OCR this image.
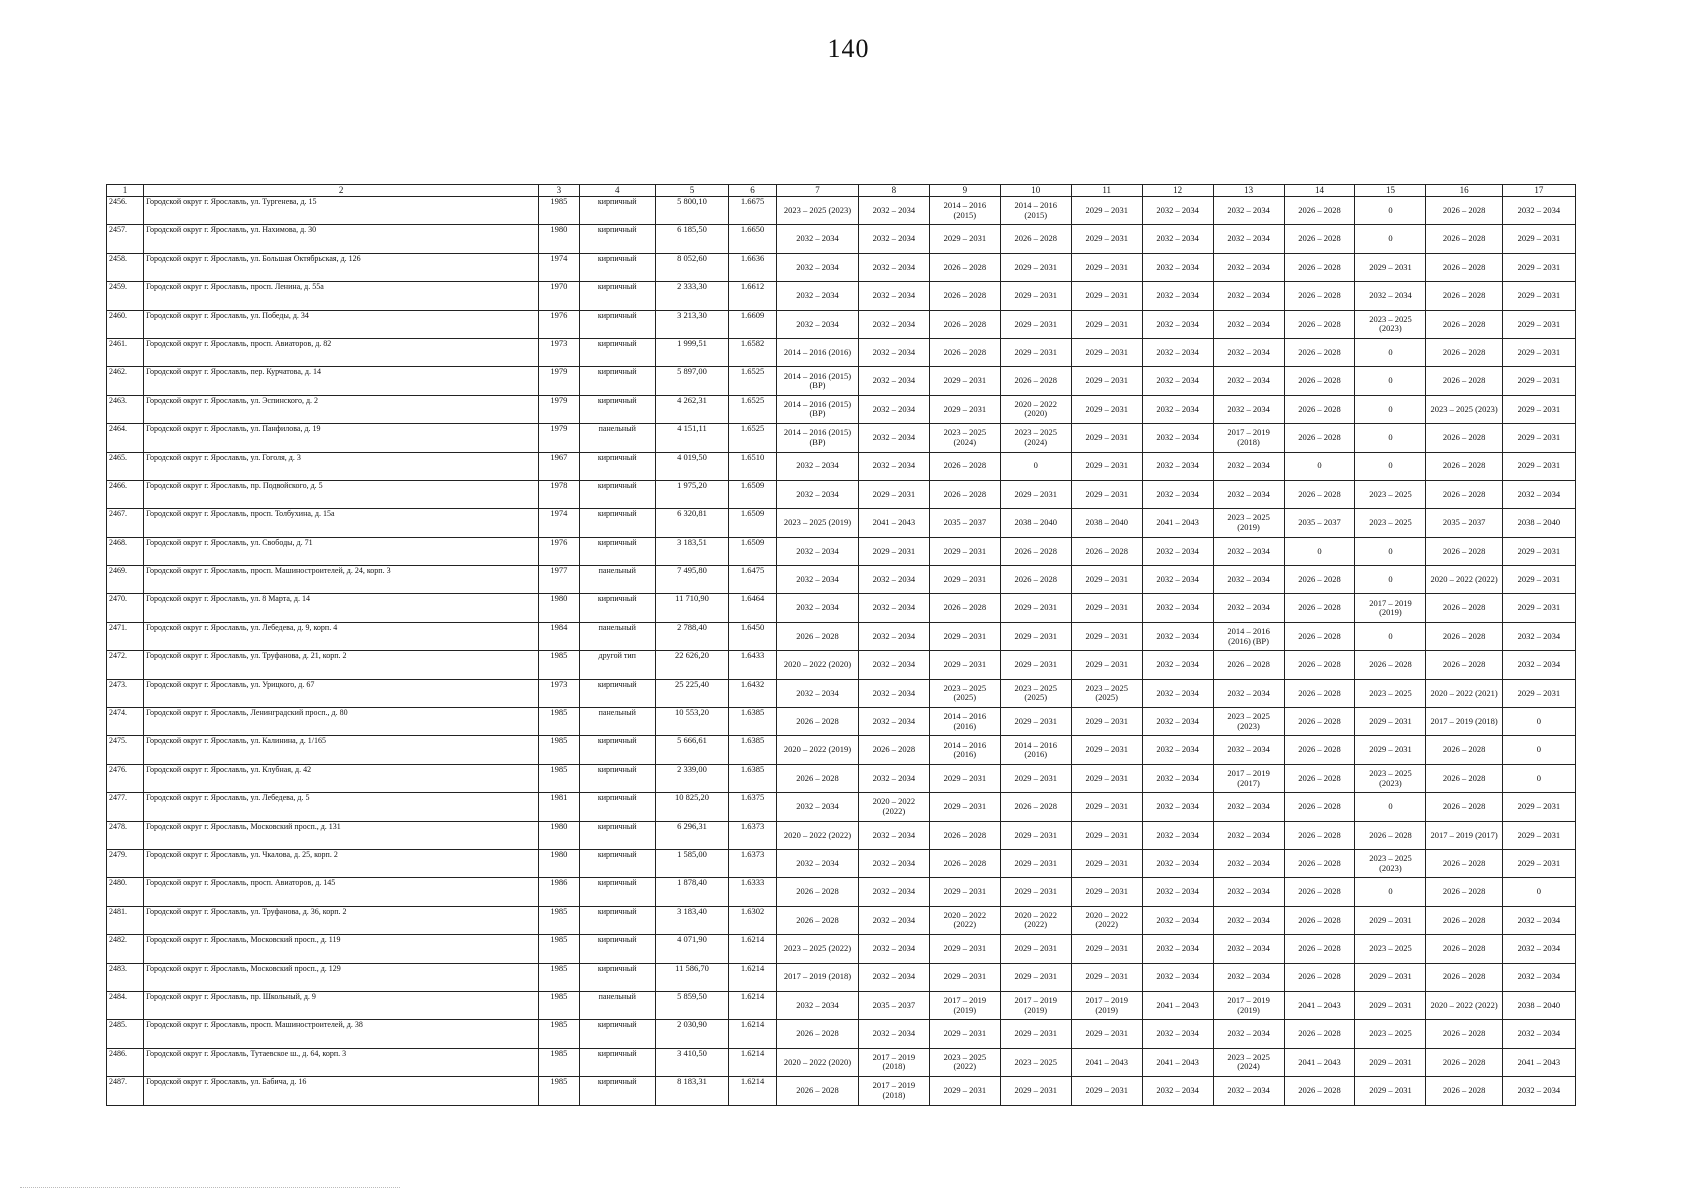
140
1	2	3	4	5	6	7	8	9	10	11	12	13	14	15	16	17
2456.	Городской округ г. Ярославль, ул. Тургенева, д. 15	1985	кирпичный	5 800,10	1.6675	2023 – 2025 (2023)	2032 – 2034	2014 – 2016 (2015)	2014 – 2016 (2015)	2029 – 2031	2032 – 2034	2032 – 2034	2026 – 2028	0	2026 – 2028	2032 – 2034
2457.	Городской округ г. Ярославль, ул. Нахимова, д. 30	1980	кирпичный	6 185,50	1.6650	2032 – 2034	2032 – 2034	2029 – 2031	2026 – 2028	2029 – 2031	2032 – 2034	2032 – 2034	2026 – 2028	0	2026 – 2028	2029 – 2031
2458.	Городской округ г. Ярославль, ул. Большая Октябрьская, д. 126	1974	кирпичный	8 052,60	1.6636	2032 – 2034	2032 – 2034	2026 – 2028	2029 – 2031	2029 – 2031	2032 – 2034	2032 – 2034	2026 – 2028	2029 – 2031	2026 – 2028	2029 – 2031
2459.	Городской округ г. Ярославль, просп. Ленина, д. 55а	1970	кирпичный	2 333,30	1.6612	2032 – 2034	2032 – 2034	2026 – 2028	2029 – 2031	2029 – 2031	2032 – 2034	2032 – 2034	2026 – 2028	2032 – 2034	2026 – 2028	2029 – 2031
2460.	Городской округ г. Ярославль, ул. Победы, д. 34	1976	кирпичный	3 213,30	1.6609	2032 – 2034	2032 – 2034	2026 – 2028	2029 – 2031	2029 – 2031	2032 – 2034	2032 – 2034	2026 – 2028	2023 – 2025 (2023)	2026 – 2028	2029 – 2031
2461.	Городской округ г. Ярославль, просп. Авиаторов, д. 82	1973	кирпичный	1 999,51	1.6582	2014 – 2016 (2016)	2032 – 2034	2026 – 2028	2029 – 2031	2029 – 2031	2032 – 2034	2032 – 2034	2026 – 2028	0	2026 – 2028	2029 – 2031
2462.	Городской округ г. Ярославль, пер. Курчатова, д. 14	1979	кирпичный	5 897,00	1.6525	2014 – 2016 (2015) (ВР)	2032 – 2034	2029 – 2031	2026 – 2028	2029 – 2031	2032 – 2034	2032 – 2034	2026 – 2028	0	2026 – 2028	2029 – 2031
2463.	Городской округ г. Ярославль, ул. Эспинского, д. 2	1979	кирпичный	4 262,31	1.6525	2014 – 2016 (2015) (ВР)	2032 – 2034	2029 – 2031	2020 – 2022 (2020)	2029 – 2031	2032 – 2034	2032 – 2034	2026 – 2028	0	2023 – 2025 (2023)	2029 – 2031
2464.	Городской округ г. Ярославль, ул. Панфилова, д. 19	1979	панельный	4 151,11	1.6525	2014 – 2016 (2015) (ВР)	2032 – 2034	2023 – 2025 (2024)	2023 – 2025 (2024)	2029 – 2031	2032 – 2034	2017 – 2019 (2018)	2026 – 2028	0	2026 – 2028	2029 – 2031
2465.	Городской округ г. Ярославль, ул. Гоголя, д. 3	1967	кирпичный	4 019,50	1.6510	2032 – 2034	2032 – 2034	2026 – 2028	0	2029 – 2031	2032 – 2034	2032 – 2034	0	0	2026 – 2028	2029 – 2031
2466.	Городской округ г. Ярославль, пр. Подвойского, д. 5	1978	кирпичный	1 975,20	1.6509	2032 – 2034	2029 – 2031	2026 – 2028	2029 – 2031	2029 – 2031	2032 – 2034	2032 – 2034	2026 – 2028	2023 – 2025	2026 – 2028	2032 – 2034
2467.	Городской округ г. Ярославль, просп. Толбухина, д. 15а	1974	кирпичный	6 320,81	1.6509	2023 – 2025 (2019)	2041 – 2043	2035 – 2037	2038 – 2040	2038 – 2040	2041 – 2043	2023 – 2025 (2019)	2035 – 2037	2023 – 2025	2035 – 2037	2038 – 2040
2468.	Городской округ г. Ярославль, ул. Свободы, д. 71	1976	кирпичный	3 183,51	1.6509	2032 – 2034	2029 – 2031	2029 – 2031	2026 – 2028	2026 – 2028	2032 – 2034	2032 – 2034	0	0	2026 – 2028	2029 – 2031
2469.	Городской округ г. Ярославль, просп. Машиностроителей, д. 24, корп. 3	1977	панельный	7 495,80	1.6475	2032 – 2034	2032 – 2034	2029 – 2031	2026 – 2028	2029 – 2031	2032 – 2034	2032 – 2034	2026 – 2028	0	2020 – 2022 (2022)	2029 – 2031
2470.	Городской округ г. Ярославль, ул. 8 Марта, д. 14	1980	кирпичный	11 710,90	1.6464	2032 – 2034	2032 – 2034	2026 – 2028	2029 – 2031	2029 – 2031	2032 – 2034	2032 – 2034	2026 – 2028	2017 – 2019 (2019)	2026 – 2028	2029 – 2031
2471.	Городской округ г. Ярославль, ул. Лебедева, д. 9, корп. 4	1984	панельный	2 788,40	1.6450	2026 – 2028	2032 – 2034	2029 – 2031	2029 – 2031	2029 – 2031	2032 – 2034	2014 – 2016 (2016) (ВР)	2026 – 2028	0	2026 – 2028	2032 – 2034
2472.	Городской округ г. Ярославль, ул. Труфанова, д. 21, корп. 2	1985	другой тип	22 626,20	1.6433	2020 – 2022 (2020)	2032 – 2034	2029 – 2031	2029 – 2031	2029 – 2031	2032 – 2034	2026 – 2028	2026 – 2028	2026 – 2028	2026 – 2028	2032 – 2034
2473.	Городской округ г. Ярославль, ул. Урицкого, д. 67	1973	кирпичный	25 225,40	1.6432	2032 – 2034	2032 – 2034	2023 – 2025 (2025)	2023 – 2025 (2025)	2023 – 2025 (2025)	2032 – 2034	2032 – 2034	2026 – 2028	2023 – 2025	2020 – 2022 (2021)	2029 – 2031
2474.	Городской округ г. Ярославль, Ленинградский просп., д. 80	1985	панельный	10 553,20	1.6385	2026 – 2028	2032 – 2034	2014 – 2016 (2016)	2029 – 2031	2029 – 2031	2032 – 2034	2023 – 2025 (2023)	2026 – 2028	2029 – 2031	2017 – 2019 (2018)	0
2475.	Городской округ г. Ярославль, ул. Калинина, д. 1/165	1985	кирпичный	5 666,61	1.6385	2020 – 2022 (2019)	2026 – 2028	2014 – 2016 (2016)	2014 – 2016 (2016)	2029 – 2031	2032 – 2034	2032 – 2034	2026 – 2028	2029 – 2031	2026 – 2028	0
2476.	Городской округ г. Ярославль, ул. Клубная, д. 42	1985	кирпичный	2 339,00	1.6385	2026 – 2028	2032 – 2034	2029 – 2031	2029 – 2031	2029 – 2031	2032 – 2034	2017 – 2019 (2017)	2026 – 2028	2023 – 2025 (2023)	2026 – 2028	0
2477.	Городской округ г. Ярославль, ул. Лебедева, д. 5	1981	кирпичный	10 825,20	1.6375	2032 – 2034	2020 – 2022 (2022)	2029 – 2031	2026 – 2028	2029 – 2031	2032 – 2034	2032 – 2034	2026 – 2028	0	2026 – 2028	2029 – 2031
2478.	Городской округ г. Ярославль, Московский просп., д. 131	1980	кирпичный	6 296,31	1.6373	2020 – 2022 (2022)	2032 – 2034	2026 – 2028	2029 – 2031	2029 – 2031	2032 – 2034	2032 – 2034	2026 – 2028	2026 – 2028	2017 – 2019 (2017)	2029 – 2031
2479.	Городской округ г. Ярославль, ул. Чкалова, д. 25, корп. 2	1980	кирпичный	1 585,00	1.6373	2032 – 2034	2032 – 2034	2026 – 2028	2029 – 2031	2029 – 2031	2032 – 2034	2032 – 2034	2026 – 2028	2023 – 2025 (2023)	2026 – 2028	2029 – 2031
2480.	Городской округ г. Ярославль, просп. Авиаторов, д. 145	1986	кирпичный	1 878,40	1.6333	2026 – 2028	2032 – 2034	2029 – 2031	2029 – 2031	2029 – 2031	2032 – 2034	2032 – 2034	2026 – 2028	0	2026 – 2028	0
2481.	Городской округ г. Ярославль, ул. Труфанова, д. 36, корп. 2	1985	кирпичный	3 183,40	1.6302	2026 – 2028	2032 – 2034	2020 – 2022 (2022)	2020 – 2022 (2022)	2020 – 2022 (2022)	2032 – 2034	2032 – 2034	2026 – 2028	2029 – 2031	2026 – 2028	2032 – 2034
2482.	Городской округ г. Ярославль, Московский просп., д. 119	1985	кирпичный	4 071,90	1.6214	2023 – 2025 (2022)	2032 – 2034	2029 – 2031	2029 – 2031	2029 – 2031	2032 – 2034	2032 – 2034	2026 – 2028	2023 – 2025	2026 – 2028	2032 – 2034
2483.	Городской округ г. Ярославль, Московский просп., д. 129	1985	кирпичный	11 586,70	1.6214	2017 – 2019 (2018)	2032 – 2034	2029 – 2031	2029 – 2031	2029 – 2031	2032 – 2034	2032 – 2034	2026 – 2028	2029 – 2031	2026 – 2028	2032 – 2034
2484.	Городской округ г. Ярославль, пр. Школьный, д. 9	1985	панельный	5 859,50	1.6214	2032 – 2034	2035 – 2037	2017 – 2019 (2019)	2017 – 2019 (2019)	2017 – 2019 (2019)	2041 – 2043	2017 – 2019 (2019)	2041 – 2043	2029 – 2031	2020 – 2022 (2022)	2038 – 2040
2485.	Городской округ г. Ярославль, просп. Машиностроителей, д. 38	1985	кирпичный	2 030,90	1.6214	2026 – 2028	2032 – 2034	2029 – 2031	2029 – 2031	2029 – 2031	2032 – 2034	2032 – 2034	2026 – 2028	2023 – 2025	2026 – 2028	2032 – 2034
2486.	Городской округ г. Ярославль, Тутаевское ш., д. 64, корп. 3	1985	кирпичный	3 410,50	1.6214	2020 – 2022 (2020)	2017 – 2019 (2018)	2023 – 2025 (2022)	2023 – 2025	2041 – 2043	2041 – 2043	2023 – 2025 (2024)	2041 – 2043	2029 – 2031	2026 – 2028	2041 – 2043
2487.	Городской округ г. Ярославль, ул. Бабича, д. 16	1985	кирпичный	8 183,31	1.6214	2026 – 2028	2017 – 2019 (2018)	2029 – 2031	2029 – 2031	2029 – 2031	2032 – 2034	2032 – 2034	2026 – 2028	2029 – 2031	2026 – 2028	2032 – 2034
